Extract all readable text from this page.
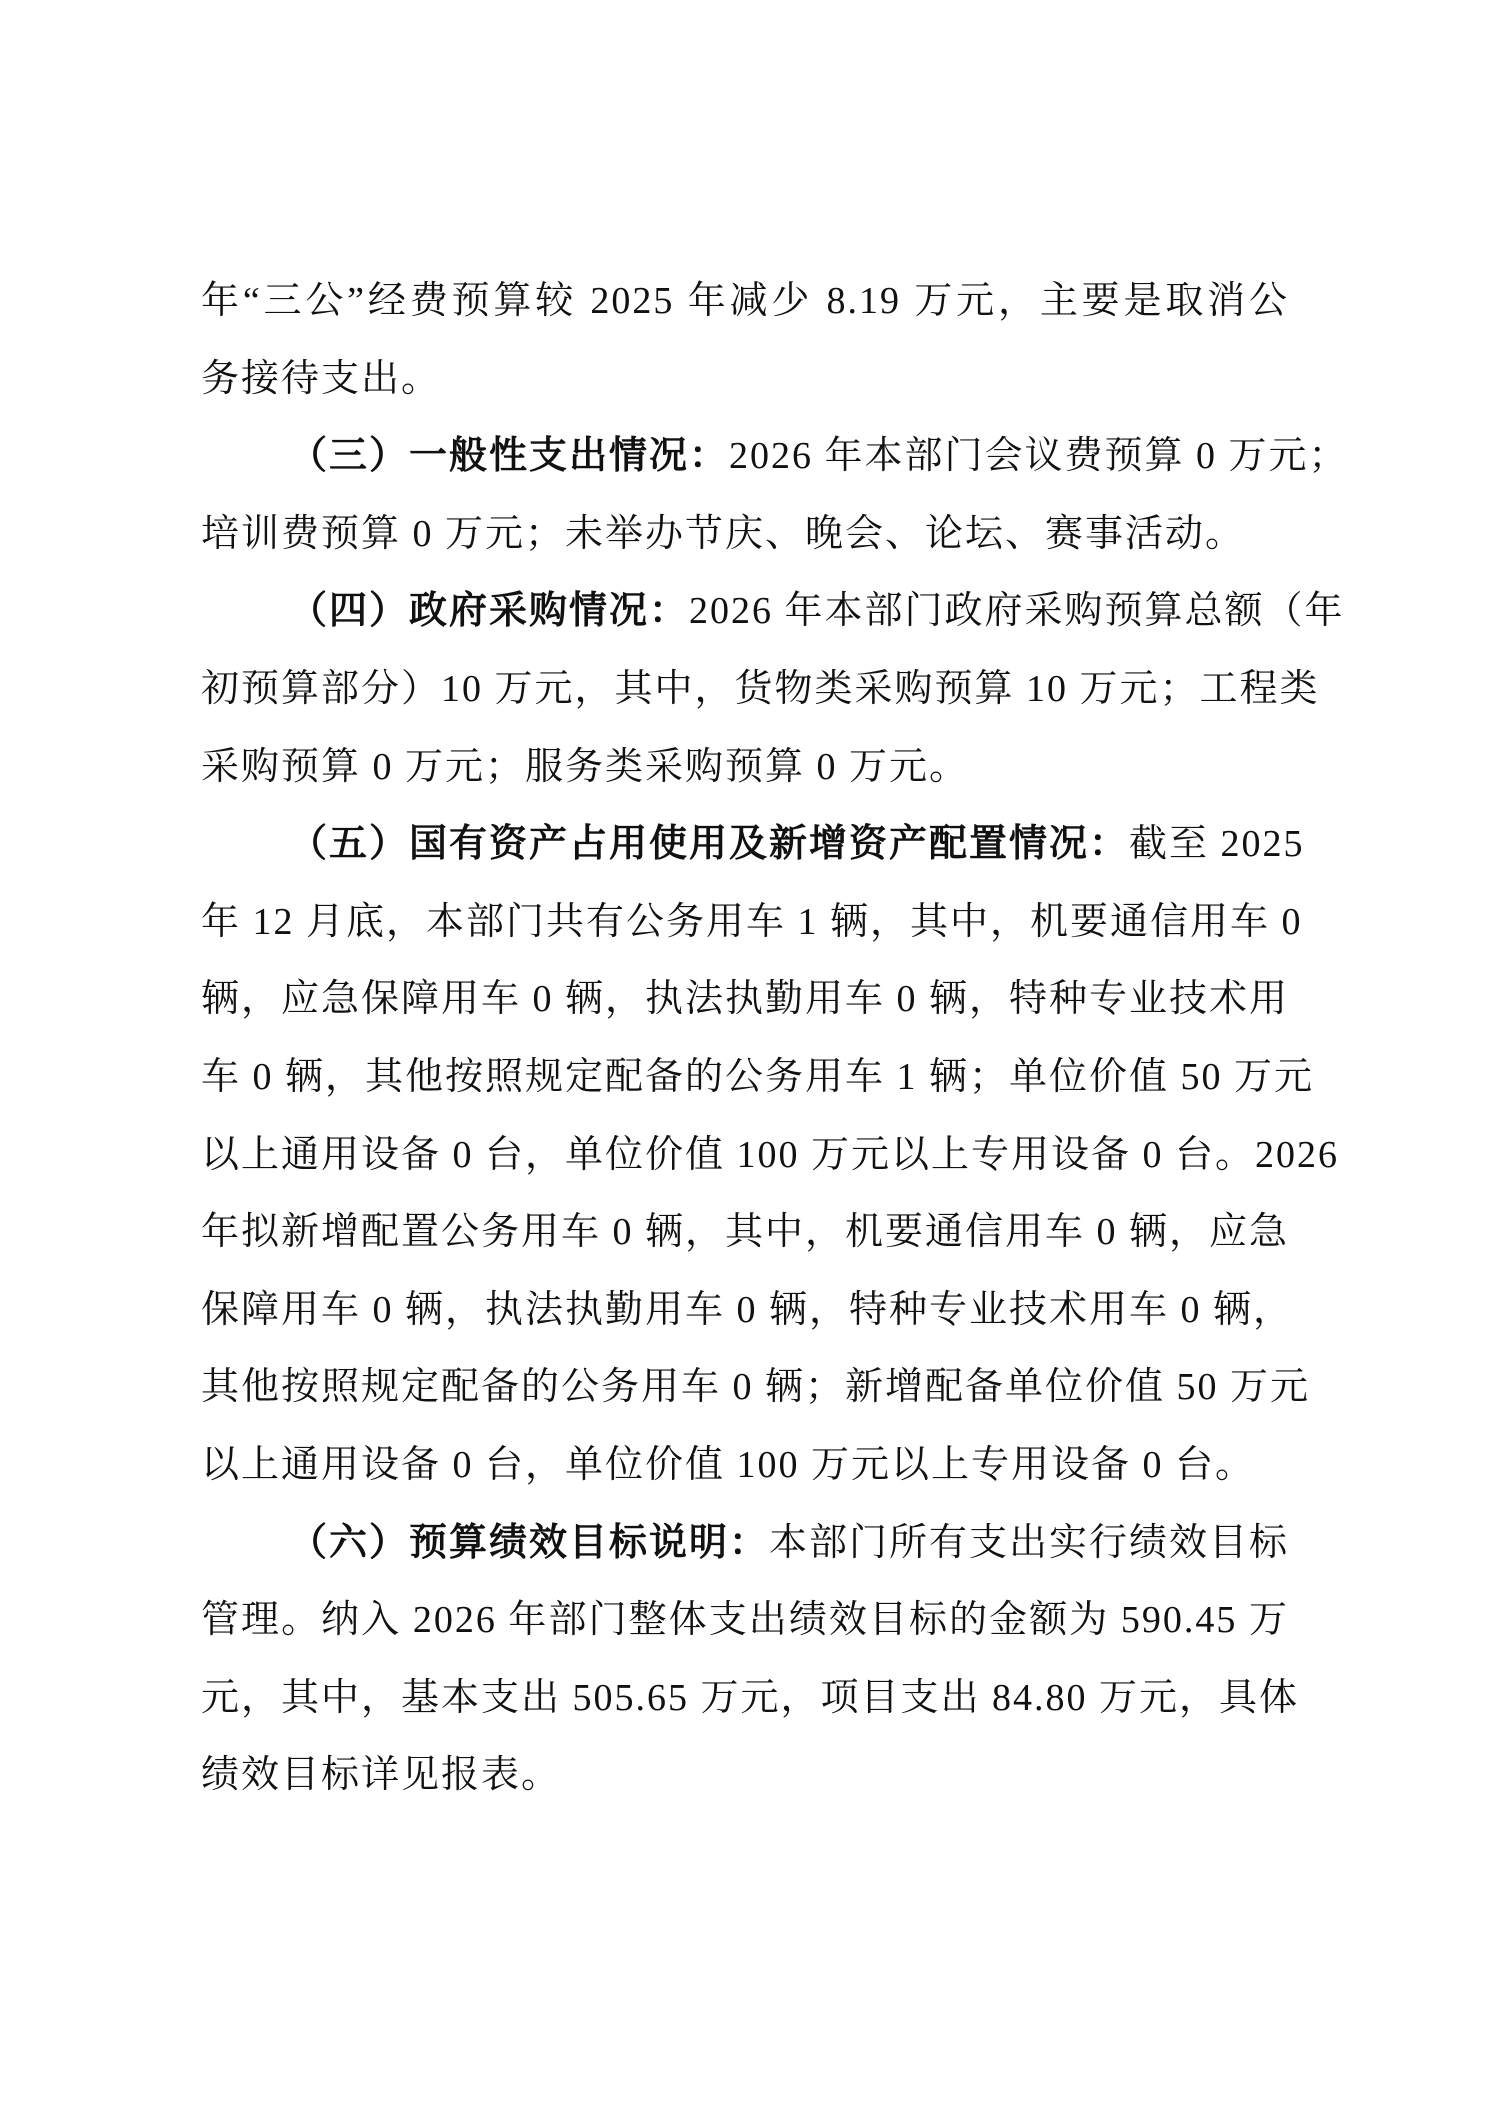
年“三公”经费预算较 2025 年减少 8.19 万元，主要是取消公
务接待支出。
（三）一般性支出情况：2026 年本部门会议费预算 0 万元；
培训费预算 0 万元；未举办节庆、晚会、论坛、赛事活动。
（四）政府采购情况：2026 年本部门政府采购预算总额（年
初预算部分）10 万元，其中，货物类采购预算 10 万元；工程类
采购预算 0 万元；服务类采购预算 0 万元。
（五）国有资产占用使用及新增资产配置情况：截至 2025
年 12 月底，本部门共有公务用车 1 辆，其中，机要通信用车 0
辆，应急保障用车 0 辆，执法执勤用车 0 辆，特种专业技术用
车 0 辆，其他按照规定配备的公务用车 1 辆；单位价值 50 万元
以上通用设备 0 台，单位价值 100 万元以上专用设备 0 台。2026
年拟新增配置公务用车 0 辆，其中，机要通信用车 0 辆，应急
保障用车 0 辆，执法执勤用车 0 辆，特种专业技术用车 0 辆，
其他按照规定配备的公务用车 0 辆；新增配备单位价值 50 万元
以上通用设备 0 台，单位价值 100 万元以上专用设备 0 台。
（六）预算绩效目标说明：本部门所有支出实行绩效目标
管理。纳入 2026 年部门整体支出绩效目标的金额为 590.45 万
元，其中，基本支出 505.65 万元，项目支出 84.80 万元，具体
绩效目标详见报表。
